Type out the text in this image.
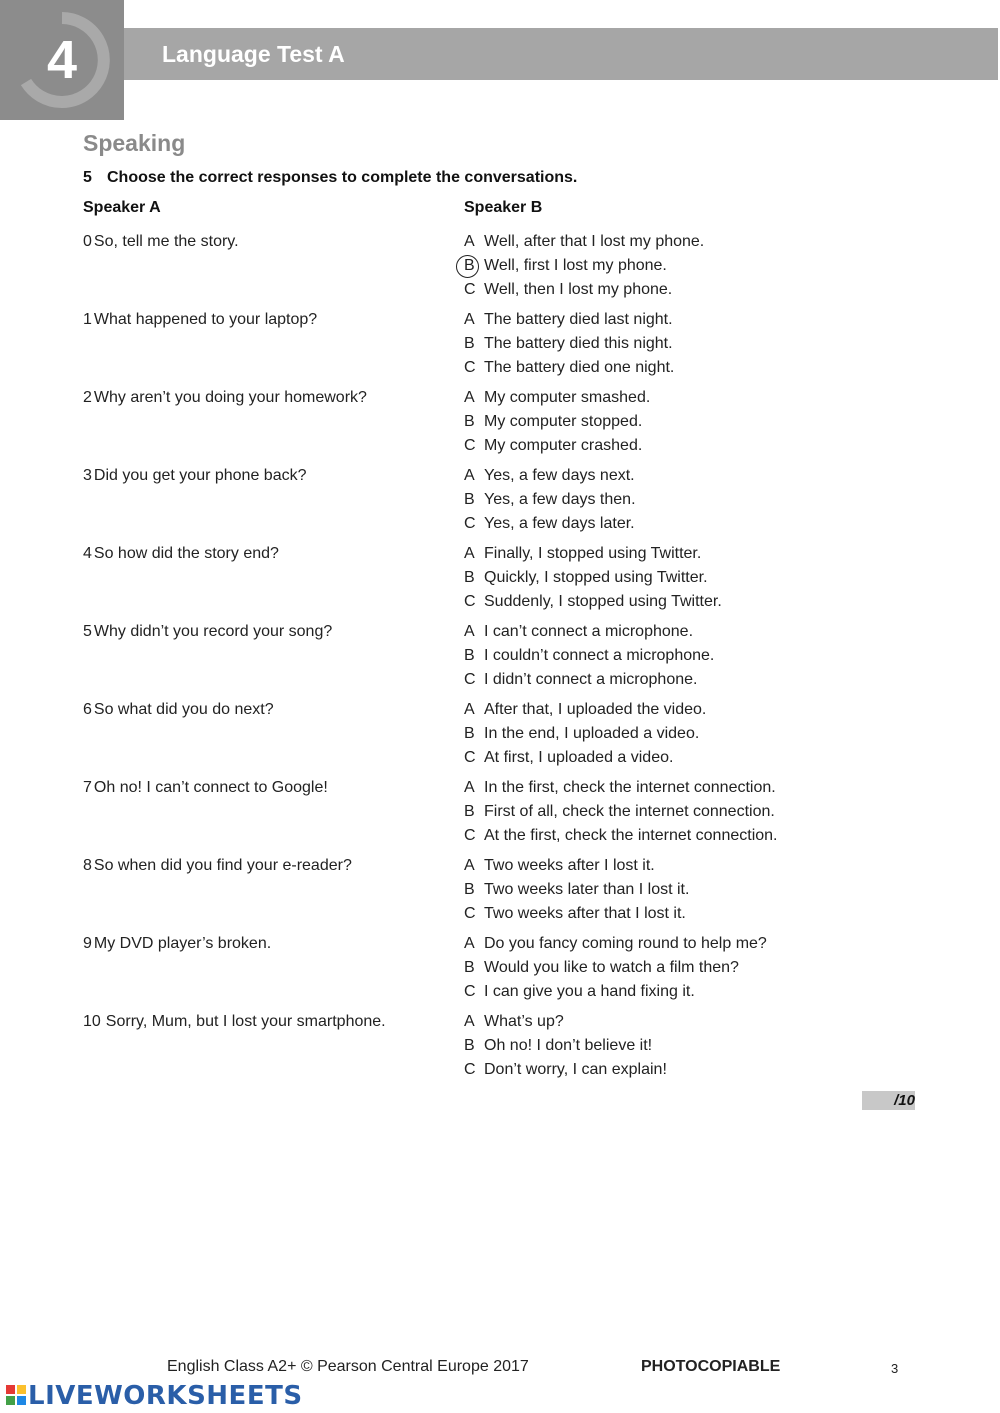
4	Language Test A
Speaking
5 Choose the correct responses to complete the conversations.
Speaker A	Speaker B
0 So, tell me the story.	A Well, after that I lost my phone.
B Well, first I lost my phone.
C Well, then I lost my phone.
1 What happened to your laptop?	A The battery died last night.
B The battery died this night.
C The battery died one night.
2 Why aren’t you doing your homework?	A My computer smashed.
B My computer stopped.
C My computer crashed.
3 Did you get your phone back?	A Yes, a few days next.
B Yes, a few days then.
C Yes, a few days later.
4 So how did the story end?	A Finally, I stopped using Twitter.
B Quickly, I stopped using Twitter.
C Suddenly, I stopped using Twitter.
5 Why didn’t you record your song?	A I can’t connect a microphone.
B I couldn’t connect a microphone.
C I didn’t connect a microphone.
6 So what did you do next?	A After that, I uploaded the video.
B In the end, I uploaded a video.
C At first, I uploaded a video.
7 Oh no! I can’t connect to Google!	A In the first, check the internet connection.
B First of all, check the internet connection.
C At the first, check the internet connection.
8 So when did you find your e-reader?	A Two weeks after I lost it.
B Two weeks later than I lost it.
C Two weeks after that I lost it.
9 My DVD player’s broken.	A Do you fancy coming round to help me?
B Would you like to watch a film then?
C I can give you a hand fixing it.
10 Sorry, Mum, but I lost your smartphone.	A What’s up?
B Oh no! I don’t believe it!
C Don’t worry, I can explain!
/10
English Class A2+ © Pearson Central Europe 2017	PHOTOCOPIABLE	3
LIVEWORKSHEETS
